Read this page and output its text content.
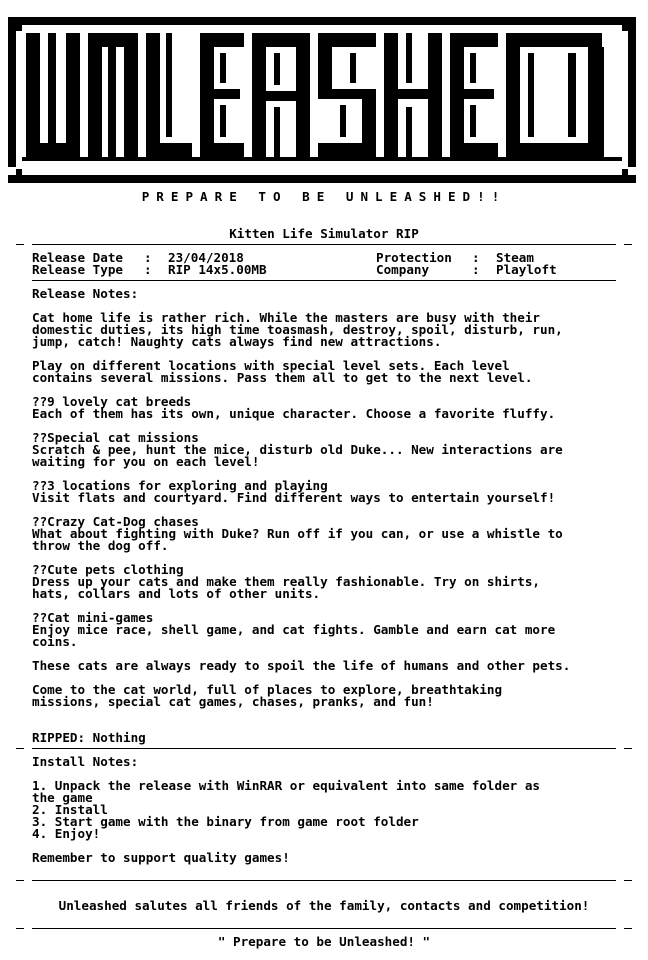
PREPARE TO BE UNLEASHED!!
Kitten Life Simulator RIP
Release Date : 23/04/2018	Protection : Steam
Release Type : RIP 14x5.00MB	Company	: Playloft
Release Notes:
Cat home life is rather rich. While the masters are busy with their
domestic duties, its high time toаsmash, destroy, spoil, disturb, run,
jump, catch! Naughty cats always find new attractions.
Play on different locations with special level sets. Each level
contains several missions. Pass them all to get to the next level.
??9 lovely cat breeds
Each of them has its own, unique character. Choose a favorite fluffy.
??Special cat missions
Scratch & pee, hunt the mice, disturb old Duke... New interactions are
waiting for you on each level!
??3 locations for exploring and playing
Visit flats and courtyard. Find different ways to entertain yourself!
??Crazy Cat-Dog chases
What about fighting with Duke? Run off if you can, or use a whistle to
throw the dog off.
??Cute pets clothing
Dress up your cats and make them really fashionable. Try on shirts,
hats, collars and lots of other units.
??Cat mini-games
Enjoy mice race, shell game, and cat fights. Gamble and earn cat more
coins.
These cats are always ready to spoil the life of humans and other pets.
Come to the cat world, full of places to explore, breathtaking
missions, special cat games, chases, pranks, and fun!
RIPPED: Nothing
Install Notes:
1. Unpack the release with WinRAR or equivalent into same folder as
the game
2. Install
3. Start game with the binary from game root folder
4. Enjoy!
Remember to support quality games!
Unleashed salutes all friends of the family, contacts and competition!
" Prepare to be Unleashed! "
